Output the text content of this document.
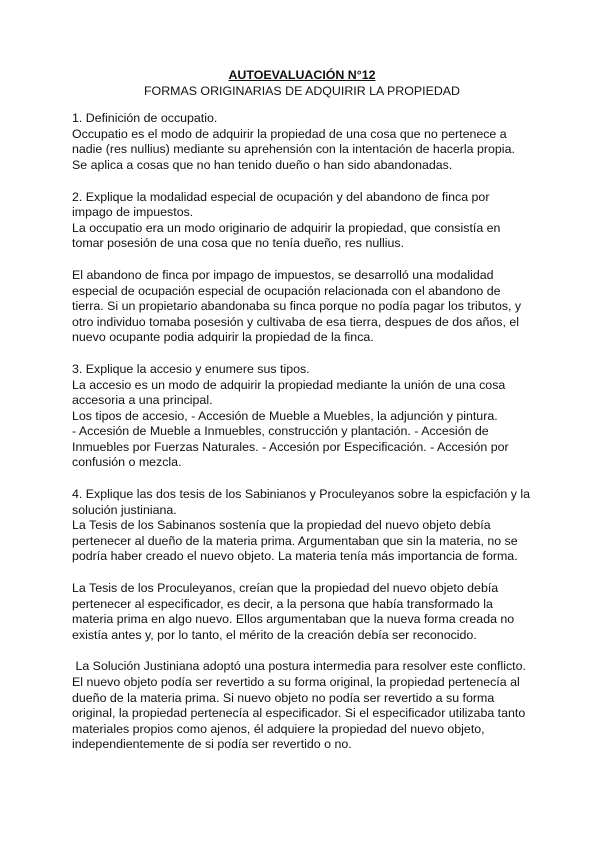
AUTOEVALUACIÓN N°12
FORMAS ORIGINARIAS DE ADQUIRIR LA PROPIEDAD

1. Definición de occupatio.

Occupatio es el modo de adquirir la propiedad de una cosa que no pertenece a nadie (res nullius) mediante su aprehensión con la intentación de hacerla propia. Se aplica a cosas que no han tenido dueño o han sido abandonadas.

2. Explique la modalidad especial de ocupación y del abandono de finca por impago de impuestos.

La occupatio era un modo originario de adquirir la propiedad, que consistía en tomar posesión de una cosa que no tenía dueño, res nullius.

El abandono de finca por impago de impuestos, se desarrolló una modalidad especial de ocupación especial de ocupación relacionada con el abandono de tierra. Si un propietario abandonaba su finca porque no podía pagar los tributos, y otro individuo tomaba posesión y cultivaba de esa tierra, despues de dos años, el nuevo ocupante podia adquirir la propiedad de la finca.

3. Explique la accesio y enumere sus tipos.

La accesio es un modo de adquirir la propiedad mediante la unión de una cosa accesoria a una principal.

Los tipos de accesio, - Accesión de Mueble a Muebles, la adjunción y pintura.

- Accesión de Mueble a Inmuebles, construcción y plantación. - Accesión de Inmuebles por Fuerzas Naturales. - Accesión por Especificación. - Accesión por confusión o mezcla.

4. Explique las dos tesis de los Sabinianos y Proculeyanos sobre la espicfación y la solución justiniana.

La Tesis de los Sabinanos sostenía que la propiedad del nuevo objeto debía pertenecer al dueño de la materia prima. Argumentaban que sin la materia, no se podría haber creado el nuevo objeto. La materia tenía más importancia de forma.

La Tesis de los Proculeyanos, creían que la propiedad del nuevo objeto debía pertenecer al especificador, es decir, a la persona que había transformado la materia prima en algo nuevo. Ellos argumentaban que la nueva forma creada no existía antes y, por lo tanto, el mérito de la creación debía ser reconocido.

La Solución Justiniana adoptó una postura intermedia para resolver este conflicto. El nuevo objeto podía ser revertido a su forma original, la propiedad pertenecía al dueño de la materia prima. Si nuevo objeto no podía ser revertido a su forma original, la propiedad pertenecía al especificador. Si el especificador utilizaba tanto materiales propios como ajenos, él adquiere la propiedad del nuevo objeto, independientemente de si podía ser revertido o no.
